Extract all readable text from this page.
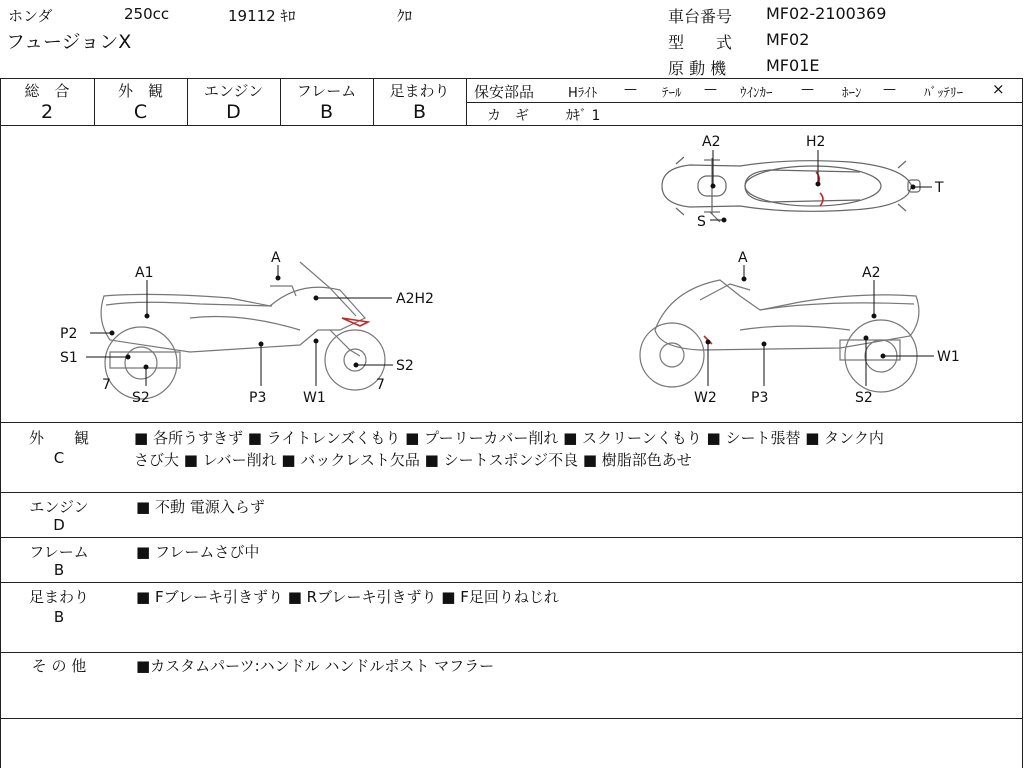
ホンダ	250cc	19112 ｷﾛ	ｸﾛ
フュージョンX
車台番号 MF02-2100369
型　　式 MF02
原 動 機 MF01E
総　合
2
外　観
C
エンジン
D
フレーム
B
足まわり
B
保安部品	Hﾗｲﾄ — ﾃｰﾙ — ｳｲﾝｶｰ — ﾎｰﾝ — ﾊﾞｯﾃﾘｰ ×
カ　ギ	ｶｷﾞ 1
A2	H2
T
S
A
A1
A2H2
P2
S1
7
S2	P3	W1
7
S2
A
A2
W1
W2 P3	S2
外　　観
C
■ 各所うすきず ■ ライトレンズくもり ■ プーリーカバー削れ ■ スクリーンくもり ■ シート張替 ■ タンク内
さび大 ■ レバー削れ ■ バックレスト欠品 ■ シートスポンジ不良 ■ 樹脂部色あせ
エンジン
D
■ 不動 電源入らず
フレーム
B
■ フレームさび中
足まわり
B
■ Fブレーキ引きずり ■ Rブレーキ引きずり ■ F足回りねじれ
そ の 他	■カスタムパーツ:ハンドル ハンドルポスト マフラー
